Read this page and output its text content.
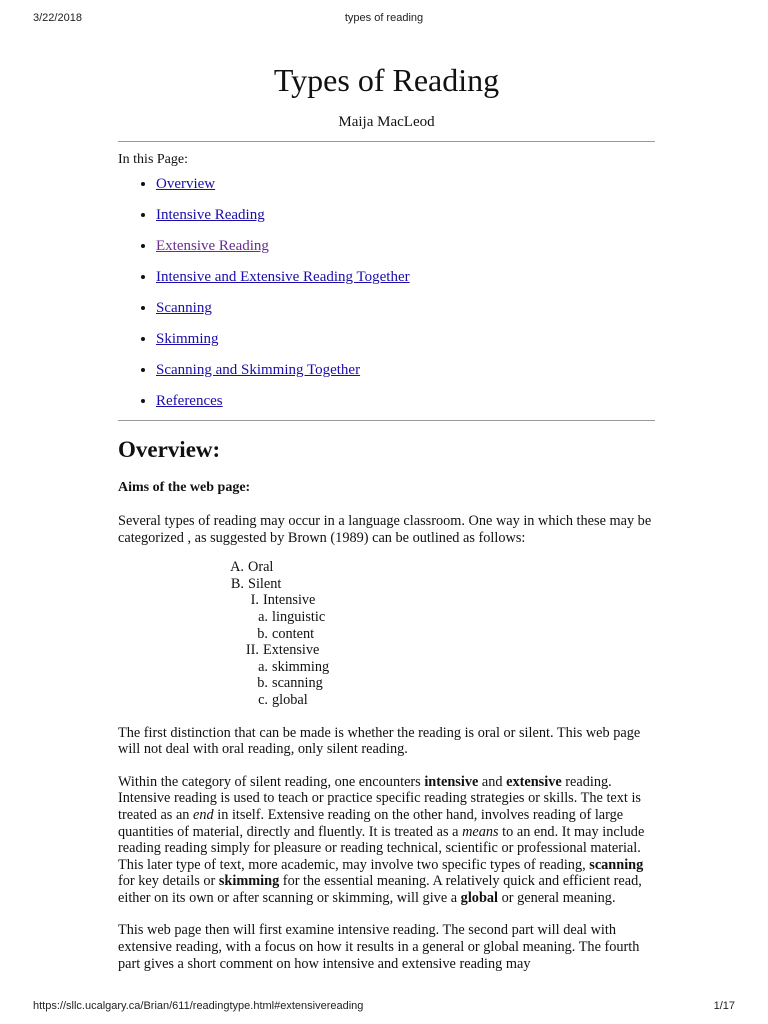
3/22/2018	types of reading
Types of Reading
Maija MacLeod
In this Page:
• Overview
• Intensive Reading
• Extensive Reading
• Intensive and Extensive Reading Together
• Scanning
• Skimming
• Scanning and Skimming Together
• References
Overview:
Aims of the web page:

Several types of reading may occur in a language classroom. One way in which these may be categorized , as suggested by Brown (1989) can be outlined as follows:

A. Oral
B. Silent
I. Intensive
a. linguistic
b. content
II. Extensive
a. skimming
b. scanning
c. global

The first distinction that can be made is whether the reading is oral or silent. This web page will not deal with oral reading, only silent reading.

Within the category of silent reading, one encounters intensive and extensive reading. Intensive reading is used to teach or practice specific reading strategies or skills. The text is treated as an end in itself. Extensive reading on the other hand, involves reading of large quantities of material, directly and fluently. It is treated as a means to an end. It may include reading reading simply for pleasure or reading technical, scientific or professional material. This later type of text, more academic, may involve two specific types of reading, scanning for key details or skimming for the essential meaning. A relatively quick and efficient read, either on its own or after scanning or skimming, will give a global or general meaning.

This web page then will first examine intensive reading. The second part will deal with extensive reading, with a focus on how it results in a general or global meaning. The fourth part gives a short comment on how intensive and extensive reading may

https://sllc.ucalgary.ca/Brian/611/readingtype.html#extensivereading	1/17
